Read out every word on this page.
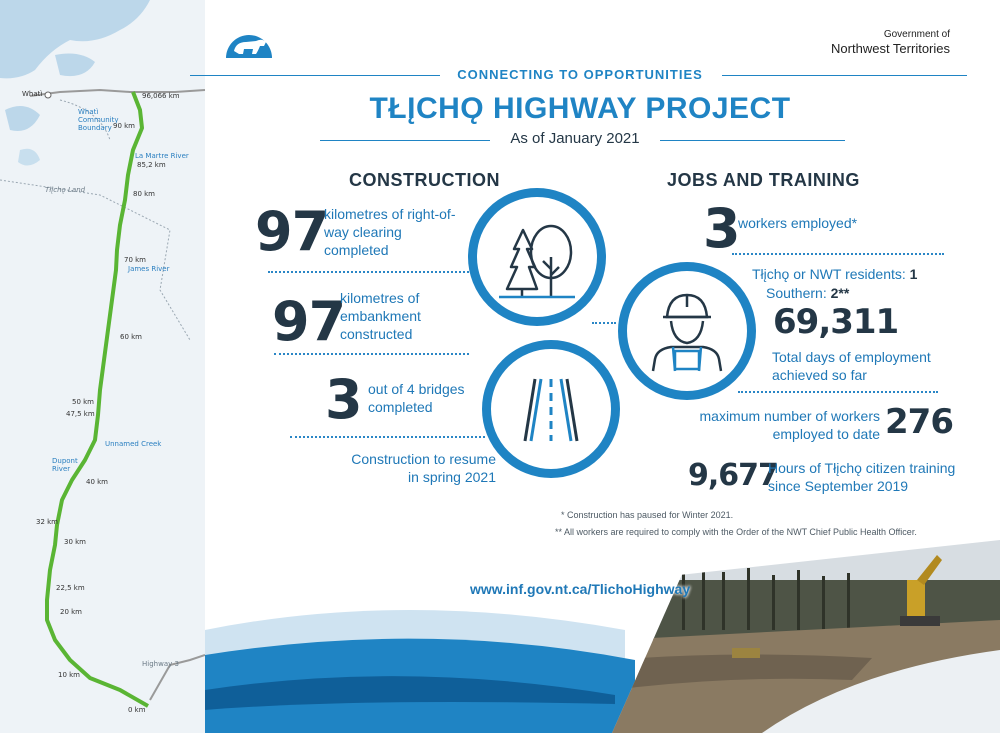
Whatì
Whatì Community Boundary
Tłįchǫ Land
96,066 km
90 km
La Martre River
85,2 km
80 km
70 km
James River
60 km
50 km
47,5 km
Unnamed Creek
Dupont River
40 km
32 km
30 km
22,5 km
20 km
Highway 3
10 km
0 km
Government of
Northwest Territories
CONNECTING TO OPPORTUNITIES
TŁĮCHǪ HIGHWAY PROJECT
As of January 2021
CONSTRUCTION
97
kilometres of right-of-way clearing completed
97
kilometres of embankment constructed
3 out of 4 bridges completed
Construction to resume in spring 2021
JOBS AND TRAINING
3
workers employed*
Tłįchǫ or NWT residents: 1
Southern: 2**
69,311
Total days of employment achieved so far
maximum number of workers employed to date 276
9,677
Hours of Tłįchǫ citizen training since September 2019
* Construction has paused for Winter 2021.
** All workers are required to comply with the Order of the NWT Chief Public Health Officer.
www.inf.gov.nt.ca/TlichoHighway
